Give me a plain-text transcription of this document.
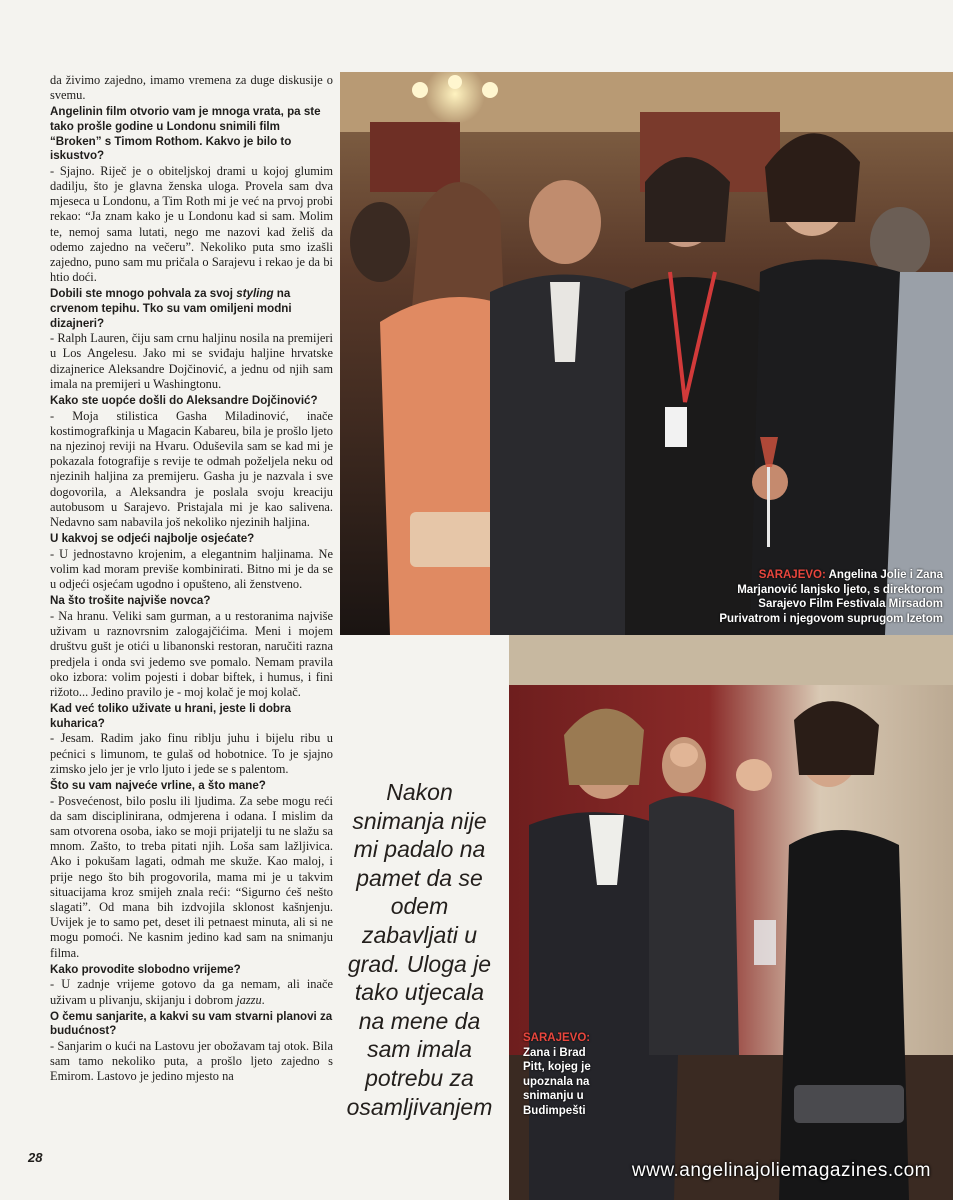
da živimo zajedno, imamo vremena za duge diskusije o svemu.

Angelinin film otvorio vam je mnoga vrata, pa ste tako prošle godine u Londonu snimili film “Broken” s Timom Rothom. Kakvo je bilo to iskustvo?

- Sjajno. Riječ je o obiteljskoj drami u kojoj glumim dadilju, što je glavna ženska uloga. Provela sam dva mjeseca u Londonu, a Tim Roth mi je već na prvoj probi rekao: “Ja znam kako je u Londonu kad si sam. Molim te, nemoj sama lutati, nego me nazovi kad želiš da odemo zajedno na večeru”. Nekoliko puta smo izašli zajedno, puno sam mu pričala o Sarajevu i rekao je da bi htio doći.

Dobili ste mnogo pohvala za svoj styling na crvenom tepihu. Tko su vam omiljeni modni dizajneri?

- Ralph Lauren, čiju sam crnu haljinu nosila na premijeri u Los Angelesu. Jako mi se sviđaju haljine hrvatske dizajnerice Aleksandre Dojčinović, a jednu od njih sam imala na premijeri u Washingtonu.

Kako ste uopće došli do Aleksandre Dojčinović?

- Moja stilistica Gasha Miladinović, inače kostimografkinja u Magacin Kabareu, bila je prošlo ljeto na njezinoj reviji na Hvaru. Oduševila sam se kad mi je pokazala fotografije s revije te odmah poželjela neku od njezinih haljina za premijeru. Gasha ju je nazvala i sve dogovorila, a Aleksandra je poslala svoju kreaciju autobusom u Sarajevo. Pristajala mi je kao salivena. Nedavno sam nabavila još nekoliko njezinih haljina.

U kakvoj se odjeći najbolje osjećate?

- U jednostavno krojenim, a elegantnim haljinama. Ne volim kad moram previše kombinirati. Bitno mi je da se u odjeći osjećam ugodno i opušteno, ali ženstveno.

Na što trošite najviše novca?

- Na hranu. Veliki sam gurman, a u restoranima najviše uživam u raznovrsnim zalogajčićima. Meni i mojem društvu gušt je otići u libanonski restoran, naručiti razna predjela i onda svi jedemo sve pomalo. Nemam pravila oko izbora: volim pojesti i dobar biftek, i humus, i fini rižoto... Jedino pravilo je - moj kolač je moj kolač.

Kad već toliko uživate u hrani, jeste li dobra kuharica?

- Jesam. Radim jako finu riblju juhu i bijelu ribu u pećnici s limunom, te gulaš od hobotnice. To je sjajno zimsko jelo jer je vrlo ljuto i jede se s palentom.

Što su vam najveće vrline, a što mane?

- Posvećenost, bilo poslu ili ljudima. Za sebe mogu reći da sam disciplinirana, odmjerena i odana. I mislim da sam otvorena osoba, iako se moji prijatelji tu ne slažu sa mnom. Zašto, to treba pitati njih. Loša sam lažljivica. Ako i pokušam lagati, odmah me skuže. Kao maloj, i prije nego što bih progovorila, mama mi je u takvim situacijama kroz smijeh znala reći: “Sigurno ćeš nešto slagati”. Od mana bih izdvojila sklonost kašnjenju. Uvijek je to samo pet, deset ili petnaest minuta, ali si ne mogu pomoći. Ne kasnim jedino kad sam na snimanju filma.

Kako provodite slobodno vrijeme?

- U zadnje vrijeme gotovo da ga nemam, ali inače uživam u plivanju, skijanju i dobrom jazzu.

O čemu sanjarite, a kakvi su vam stvarni planovi za budućnost?

- Sanjarim o kući na Lastovu jer obožavam taj otok. Bila sam tamo nekoliko puta, a prošlo ljeto zajedno s Emirom. Lastovo je jedino mjesto na

SARAJEVO: Angelina Jolie i Zana
Marjanović lanjsko ljeto, s direktorom
Sarajevo Film Festivala Mirsadom
Purivatrom i njegovom suprugom Izetom
Nakon
snimanja nije
mi padalo na
pamet da se
odem
zabavljati u
grad. Uloga je
tako utjecala
na mene da
sam imala
potrebu za
osamljivanjem
SARAJEVO:
Zana i Brad
Pitt, kojeg je
upoznala na
snimanju u
Budimpešti
28
www.angelinajoliemagazines.com
